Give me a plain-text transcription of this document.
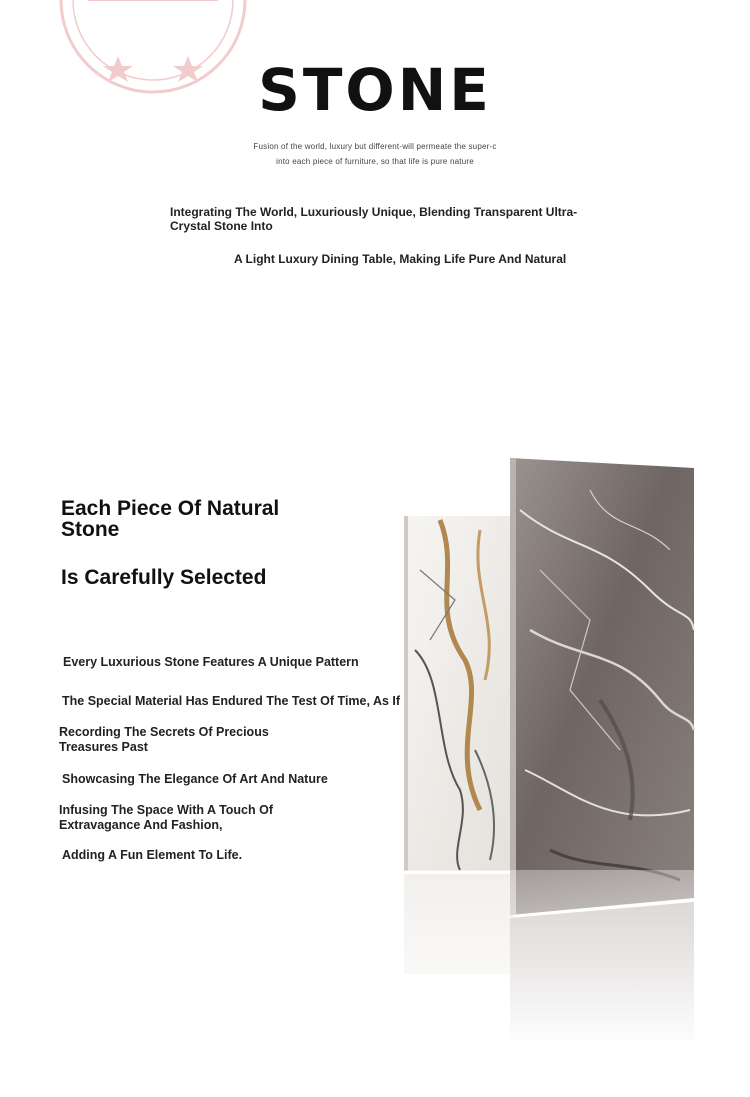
STONE
Fusion of the world, luxury but different-will permeate the super-c
into each piece of furniture, so that life is pure nature
Integrating The World, Luxuriously Unique, Blending Transparent Ultra-Crystal Stone Into
A Light Luxury Dining Table, Making Life Pure And Natural
Each Piece Of Natural Stone
Is Carefully Selected
Every Luxurious Stone Features A Unique Pattern
The Special Material Has Endured The Test Of Time, As If
Recording The Secrets Of Precious Treasures Past
Showcasing The Elegance Of Art And Nature
Infusing The Space With A Touch Of Extravagance And Fashion,
Adding A Fun Element To Life.
